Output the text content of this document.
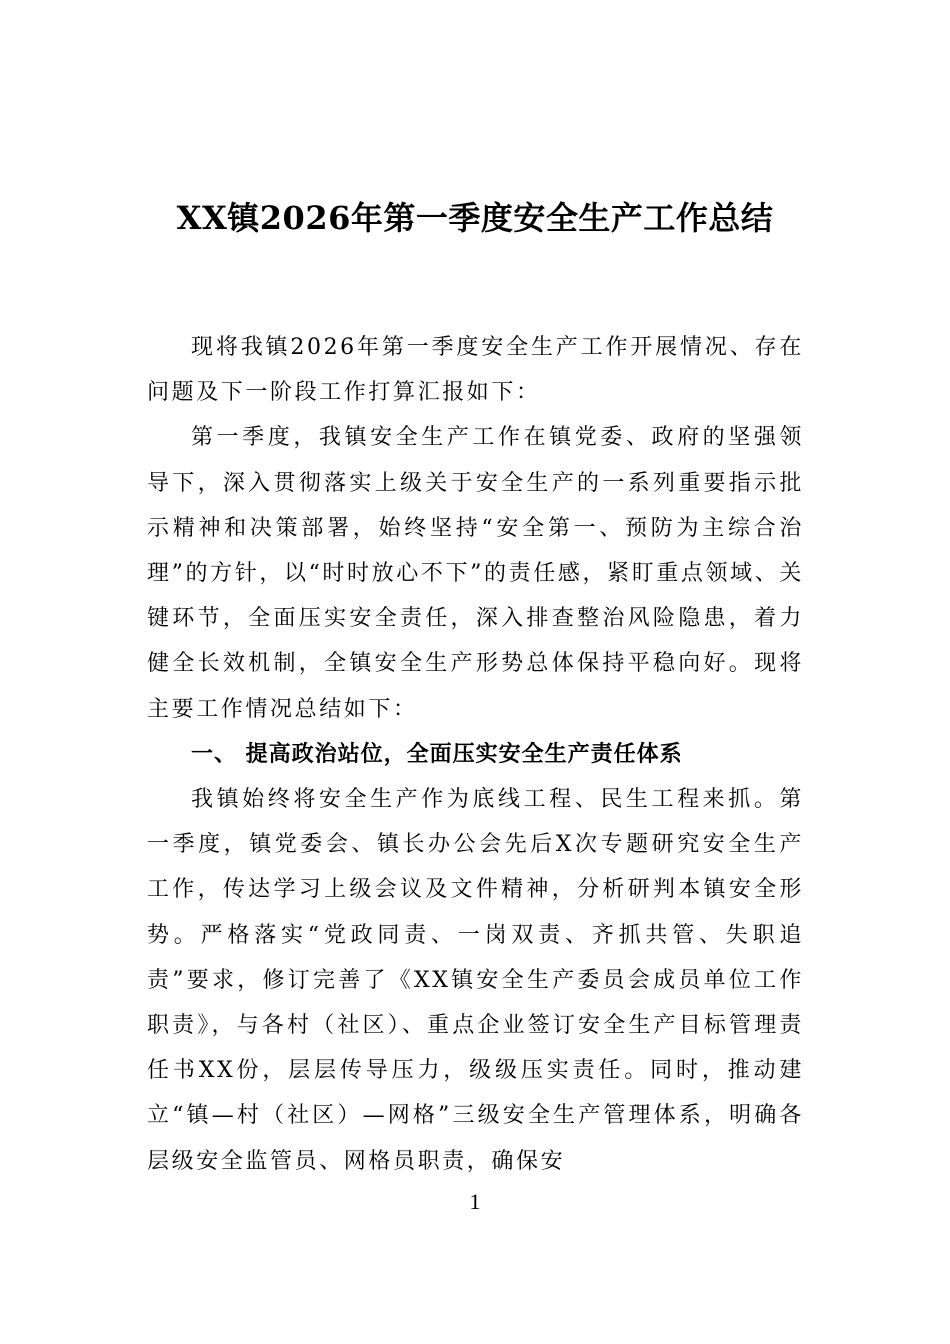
XX镇2026年第一季度安全生产工作总结

现将我镇2026年第一季度安全生产工作开展情况、存在问题及下一阶段工作打算汇报如下：

第一季度，我镇安全生产工作在镇党委、政府的坚强领导下，深入贯彻落实上级关于安全生产的一系列重要指示批示精神和决策部署，始终坚持“安全第一、预防为主综合治理”的方针，以“时时放心不下”的责任感，紧盯重点领域、关键环节，全面压实安全责任，深入排查整治风险隐患，着力健全长效机制，全镇安全生产形势总体保持平稳向好。现将主要工作情况总结如下：

一、 提高政治站位，全面压实安全生产责任体系

我镇始终将安全生产作为底线工程、民生工程来抓。第一季度，镇党委会、镇长办公会先后X次专题研究安全生产工作，传达学习上级会议及文件精神，分析研判本镇安全形势。严格落实“党政同责、一岗双责、齐抓共管、失职追责”要求，修订完善了《XX镇安全生产委员会成员单位工作职责》，与各村（社区）、重点企业签订安全生产目标管理责任书XX份，层层传导压力，级级压实责任。同时，推动建立“镇—村（社区）—网格”三级安全生产管理体系，明确各层级安全监管员、网格员职责，确保安

1
